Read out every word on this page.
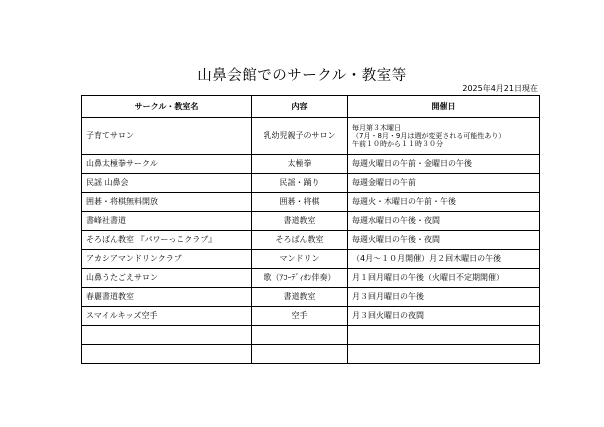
山鼻会館でのサークル・教室等
2025年4月21日現在
サークル・教室名	内容	開催日
子育てサロン	乳幼児親子のサロン	毎月第３木曜日
（7月・8月・9月は週が変更される可能性あり）
午前１０時から１１時３０分

山鼻太極拳サークル	太極拳	毎週火曜日の午前・金曜日の午後
民謡 山鼻会	民謡・踊り	毎週金曜日の午前
囲碁・将棋無料開放	囲碁・将棋	毎週火・木曜日の午前・午後
書峰社書道	書道教室	毎週水曜日の午後・夜間
そろばん教室 『パワーっこクラブ』	そろばん教室	毎週火曜日の午後・夜間
アカシアマンドリンクラブ	マンドリン	（4月～１０月開催）月２回木曜日の午後
山鼻うたごえサロン	歌（ｱｺｰﾃﾞｨｵﾝ伴奏）	月１回月曜日の午後（火曜日不定期開催）
春麗書道教室	書道教室	月３回月曜日の午後
スマイルキッズ空手	空手	月３回火曜日の夜間
